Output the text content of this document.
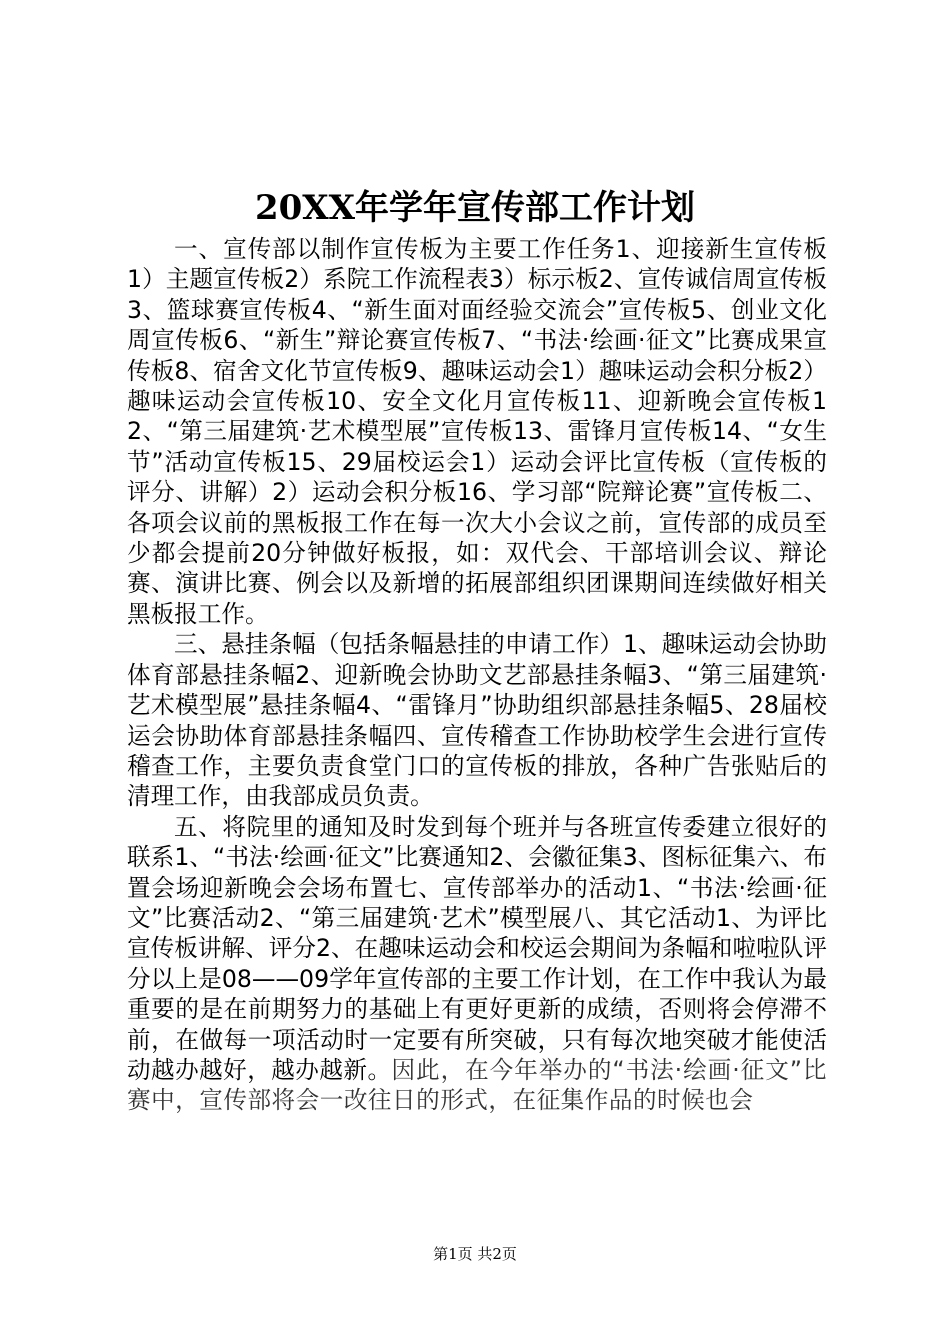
20XX年学年宣传部工作计划

一、宣传部以制作宣传板为主要工作任务1、迎接新生宣传板1）主题宣传板2）系院工作流程表3）标示板2、宣传诚信周宣传板3、篮球赛宣传板4、“新生面对面经验交流会”宣传板5、创业文化周宣传板6、“新生”辩论赛宣传板7、“书法·绘画·征文”比赛成果宣传板8、宿舍文化节宣传板9、趣味运动会1）趣味运动会积分板2）趣味运动会宣传板10、安全文化月宣传板11、迎新晚会宣传板12、“第三届建筑·艺术模型展”宣传板13、雷锋月宣传板14、“女生节”活动宣传板15、29届校运会1）运动会评比宣传板（宣传板的评分、讲解）2）运动会积分板16、学习部“院辩论赛”宣传板二、各项会议前的黑板报工作在每一次大小会议之前，宣传部的成员至少都会提前20分钟做好板报，如：双代会、干部培训会议、辩论赛、演讲比赛、例会以及新增的拓展部组织团课期间连续做好相关黑板报工作。

三、悬挂条幅（包括条幅悬挂的申请工作）1、趣味运动会协助体育部悬挂条幅2、迎新晚会协助文艺部悬挂条幅3、“第三届建筑·艺术模型展”悬挂条幅4、“雷锋月”协助组织部悬挂条幅5、28届校运会协助体育部悬挂条幅四、宣传稽查工作协助校学生会进行宣传稽查工作，主要负责食堂门口的宣传板的排放，各种广告张贴后的清理工作，由我部成员负责。

五、将院里的通知及时发到每个班并与各班宣传委建立很好的联系1、“书法·绘画·征文”比赛通知2、会徽征集3、图标征集六、布置会场迎新晚会会场布置七、宣传部举办的活动1、“书法·绘画·征文”比赛活动2、“第三届建筑·艺术”模型展八、其它活动1、为评比宣传板讲解、评分2、在趣味运动会和校运会期间为条幅和啦啦队评分以上是08——09学年宣传部的主要工作计划，在工作中我认为最重要的是在前期努力的基础上有更好更新的成绩，否则将会停滞不前，在做每一项活动时一定要有所突破，只有每次地突破才能使活动越办越好，越办越新。因此，在今年举办的“书法·绘画·征文”比赛中，宣传部将会一改往日的形式，在征集作品的时候也会

第1页 共2页
